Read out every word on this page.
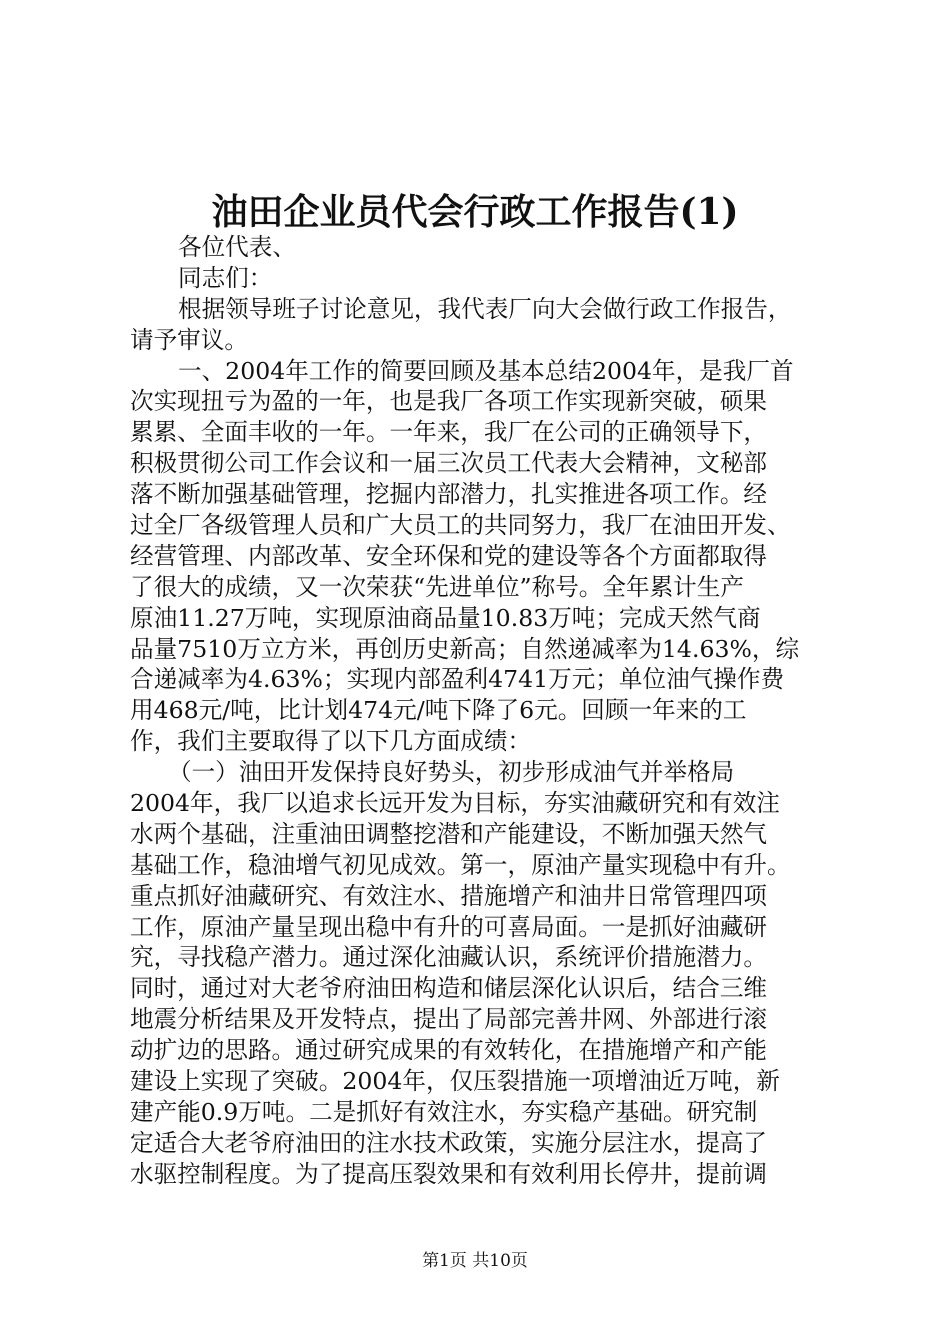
油田企业员代会行政工作报告(1)
各位代表、
同志们：
根据领导班子讨论意见，我代表厂向大会做行政工作报告，
请予审议。
一、2004年工作的简要回顾及基本总结2004年，是我厂首
次实现扭亏为盈的一年，也是我厂各项工作实现新突破，硕果
累累、全面丰收的一年。一年来，我厂在公司的正确领导下，
积极贯彻公司工作会议和一届三次员工代表大会精神，文秘部
落不断加强基础管理，挖掘内部潜力，扎实推进各项工作。经
过全厂各级管理人员和广大员工的共同努力，我厂在油田开发、
经营管理、内部改革、安全环保和党的建设等各个方面都取得
了很大的成绩，又一次荣获“先进单位”称号。全年累计生产
原油11.27万吨，实现原油商品量10.83万吨；完成天然气商
品量7510万立方米，再创历史新高；自然递减率为14.63%，综
合递减率为4.63%；实现内部盈利4741万元；单位油气操作费
用468元/吨，比计划474元/吨下降了6元。回顾一年来的工
作，我们主要取得了以下几方面成绩：
（一）油田开发保持良好势头，初步形成油气并举格局
2004年，我厂以追求长远开发为目标，夯实油藏研究和有效注
水两个基础，注重油田调整挖潜和产能建设，不断加强天然气
基础工作，稳油增气初见成效。第一，原油产量实现稳中有升。
重点抓好油藏研究、有效注水、措施增产和油井日常管理四项
工作，原油产量呈现出稳中有升的可喜局面。一是抓好油藏研
究，寻找稳产潜力。通过深化油藏认识，系统评价措施潜力。
同时，通过对大老爷府油田构造和储层深化认识后，结合三维
地震分析结果及开发特点，提出了局部完善井网、外部进行滚
动扩边的思路。通过研究成果的有效转化，在措施增产和产能
建设上实现了突破。2004年，仅压裂措施一项增油近万吨，新
建产能0.9万吨。二是抓好有效注水，夯实稳产基础。研究制
定适合大老爷府油田的注水技术政策，实施分层注水，提高了
水驱控制程度。为了提高压裂效果和有效利用长停井，提前调
第1页 共10页
